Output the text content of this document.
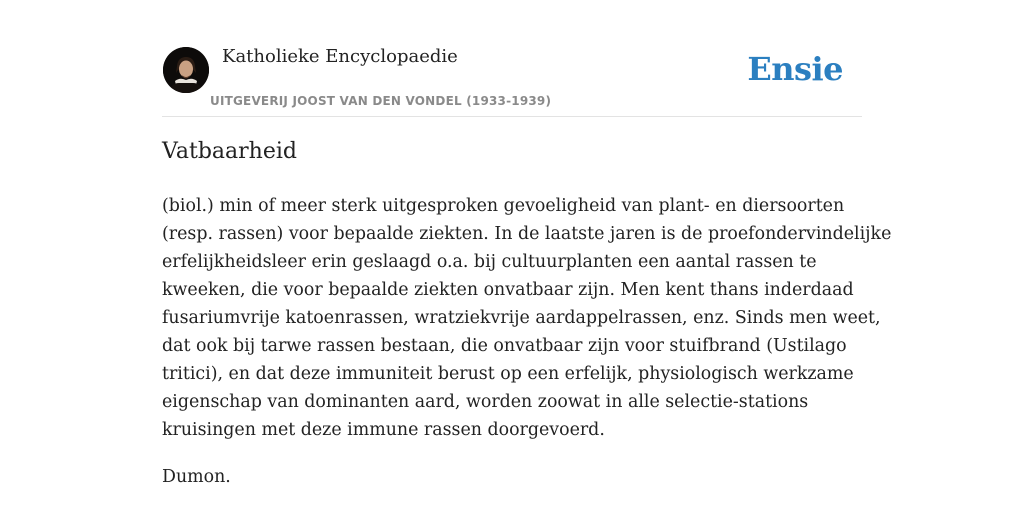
Katholieke Encyclopaedie
UITGEVERIJ JOOST VAN DEN VONDEL (1933-1939)
Ensie
Vatbaarheid

(biol.) min of meer sterk uitgesproken gevoeligheid van plant- en diersoorten
(resp. rassen) voor bepaalde ziekten. In de laatste jaren is de proefondervindelijke
erfelijkheidsleer erin geslaagd o.a. bij cultuurplanten een aantal rassen te
kweeken, die voor bepaalde ziekten onvatbaar zijn. Men kent thans inderdaad
fusariumvrije katoenrassen, wratziekvrije aardappelrassen, enz. Sinds men weet,
dat ook bij tarwe rassen bestaan, die onvatbaar zijn voor stuifbrand (Ustilago
tritici), en dat deze immuniteit berust op een erfelijk, physiologisch werkzame
eigenschap van dominanten aard, worden zoowat in alle selectie-stations
kruisingen met deze immune rassen doorgevoerd.

Dumon.
